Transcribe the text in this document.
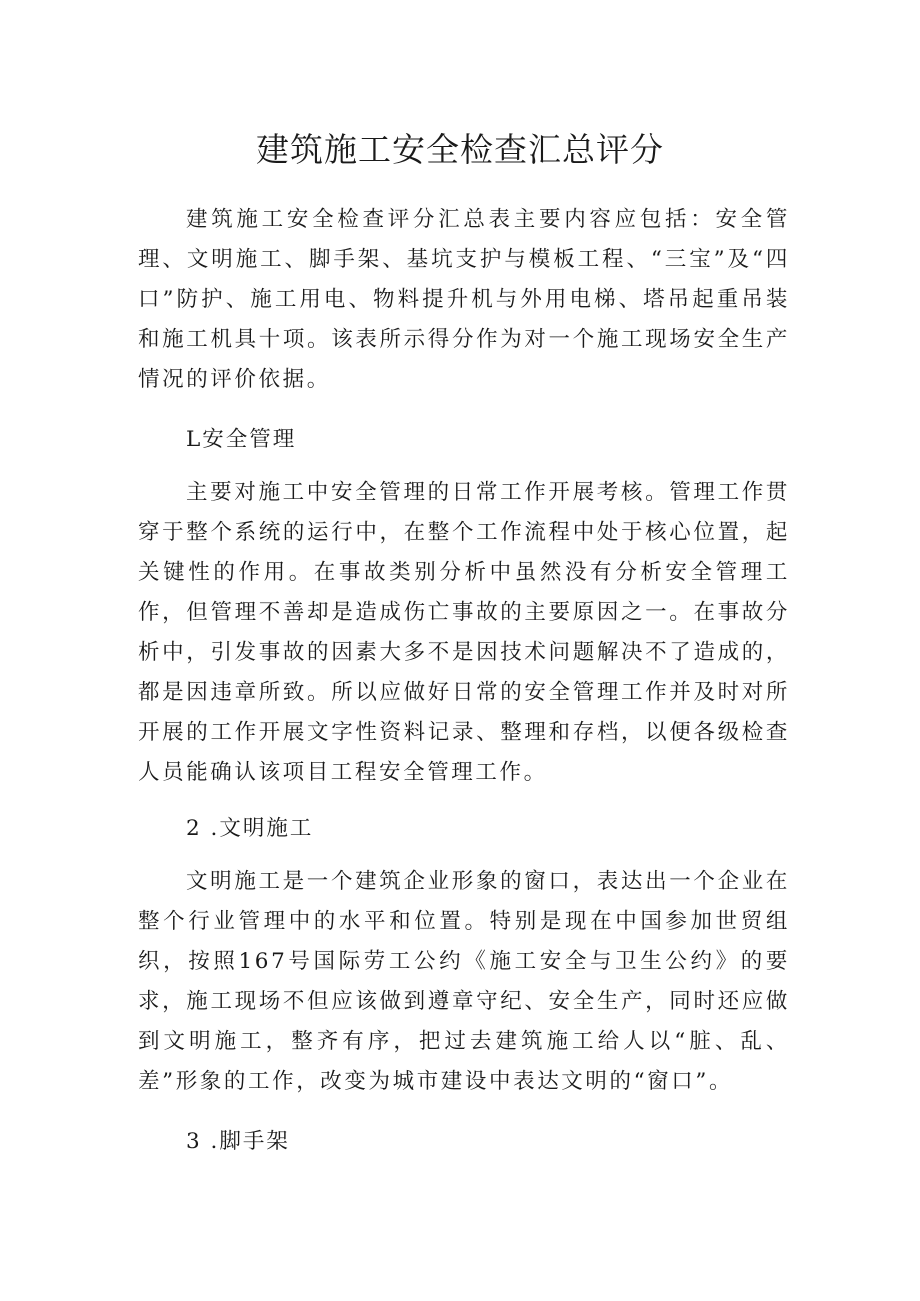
建筑施工安全检查汇总评分

建筑施工安全检查评分汇总表主要内容应包括：安全管理、文明施工、脚手架、基坑支护与模板工程、“三宝”及“四口”防护、施工用电、物料提升机与外用电梯、塔吊起重吊装和施工机具十项。该表所示得分作为对一个施工现场安全生产情况的评价依据。

L安全管理

主要对施工中安全管理的日常工作开展考核。管理工作贯穿于整个系统的运行中，在整个工作流程中处于核心位置，起关键性的作用。在事故类别分析中虽然没有分析安全管理工作，但管理不善却是造成伤亡事故的主要原因之一。在事故分析中，引发事故的因素大多不是因技术问题解决不了造成的，都是因违章所致。所以应做好日常的安全管理工作并及时对所开展的工作开展文字性资料记录、整理和存档，以便各级检查人员能确认该项目工程安全管理工作。

2 .文明施工

文明施工是一个建筑企业形象的窗口，表达出一个企业在整个行业管理中的水平和位置。特别是现在中国参加世贸组织，按照167号国际劳工公约《施工安全与卫生公约》的要求，施工现场不但应该做到遵章守纪、安全生产，同时还应做到文明施工，整齐有序，把过去建筑施工给人以“脏、乱、差”形象的工作，改变为城市建设中表达文明的“窗口”。

3 .脚手架
